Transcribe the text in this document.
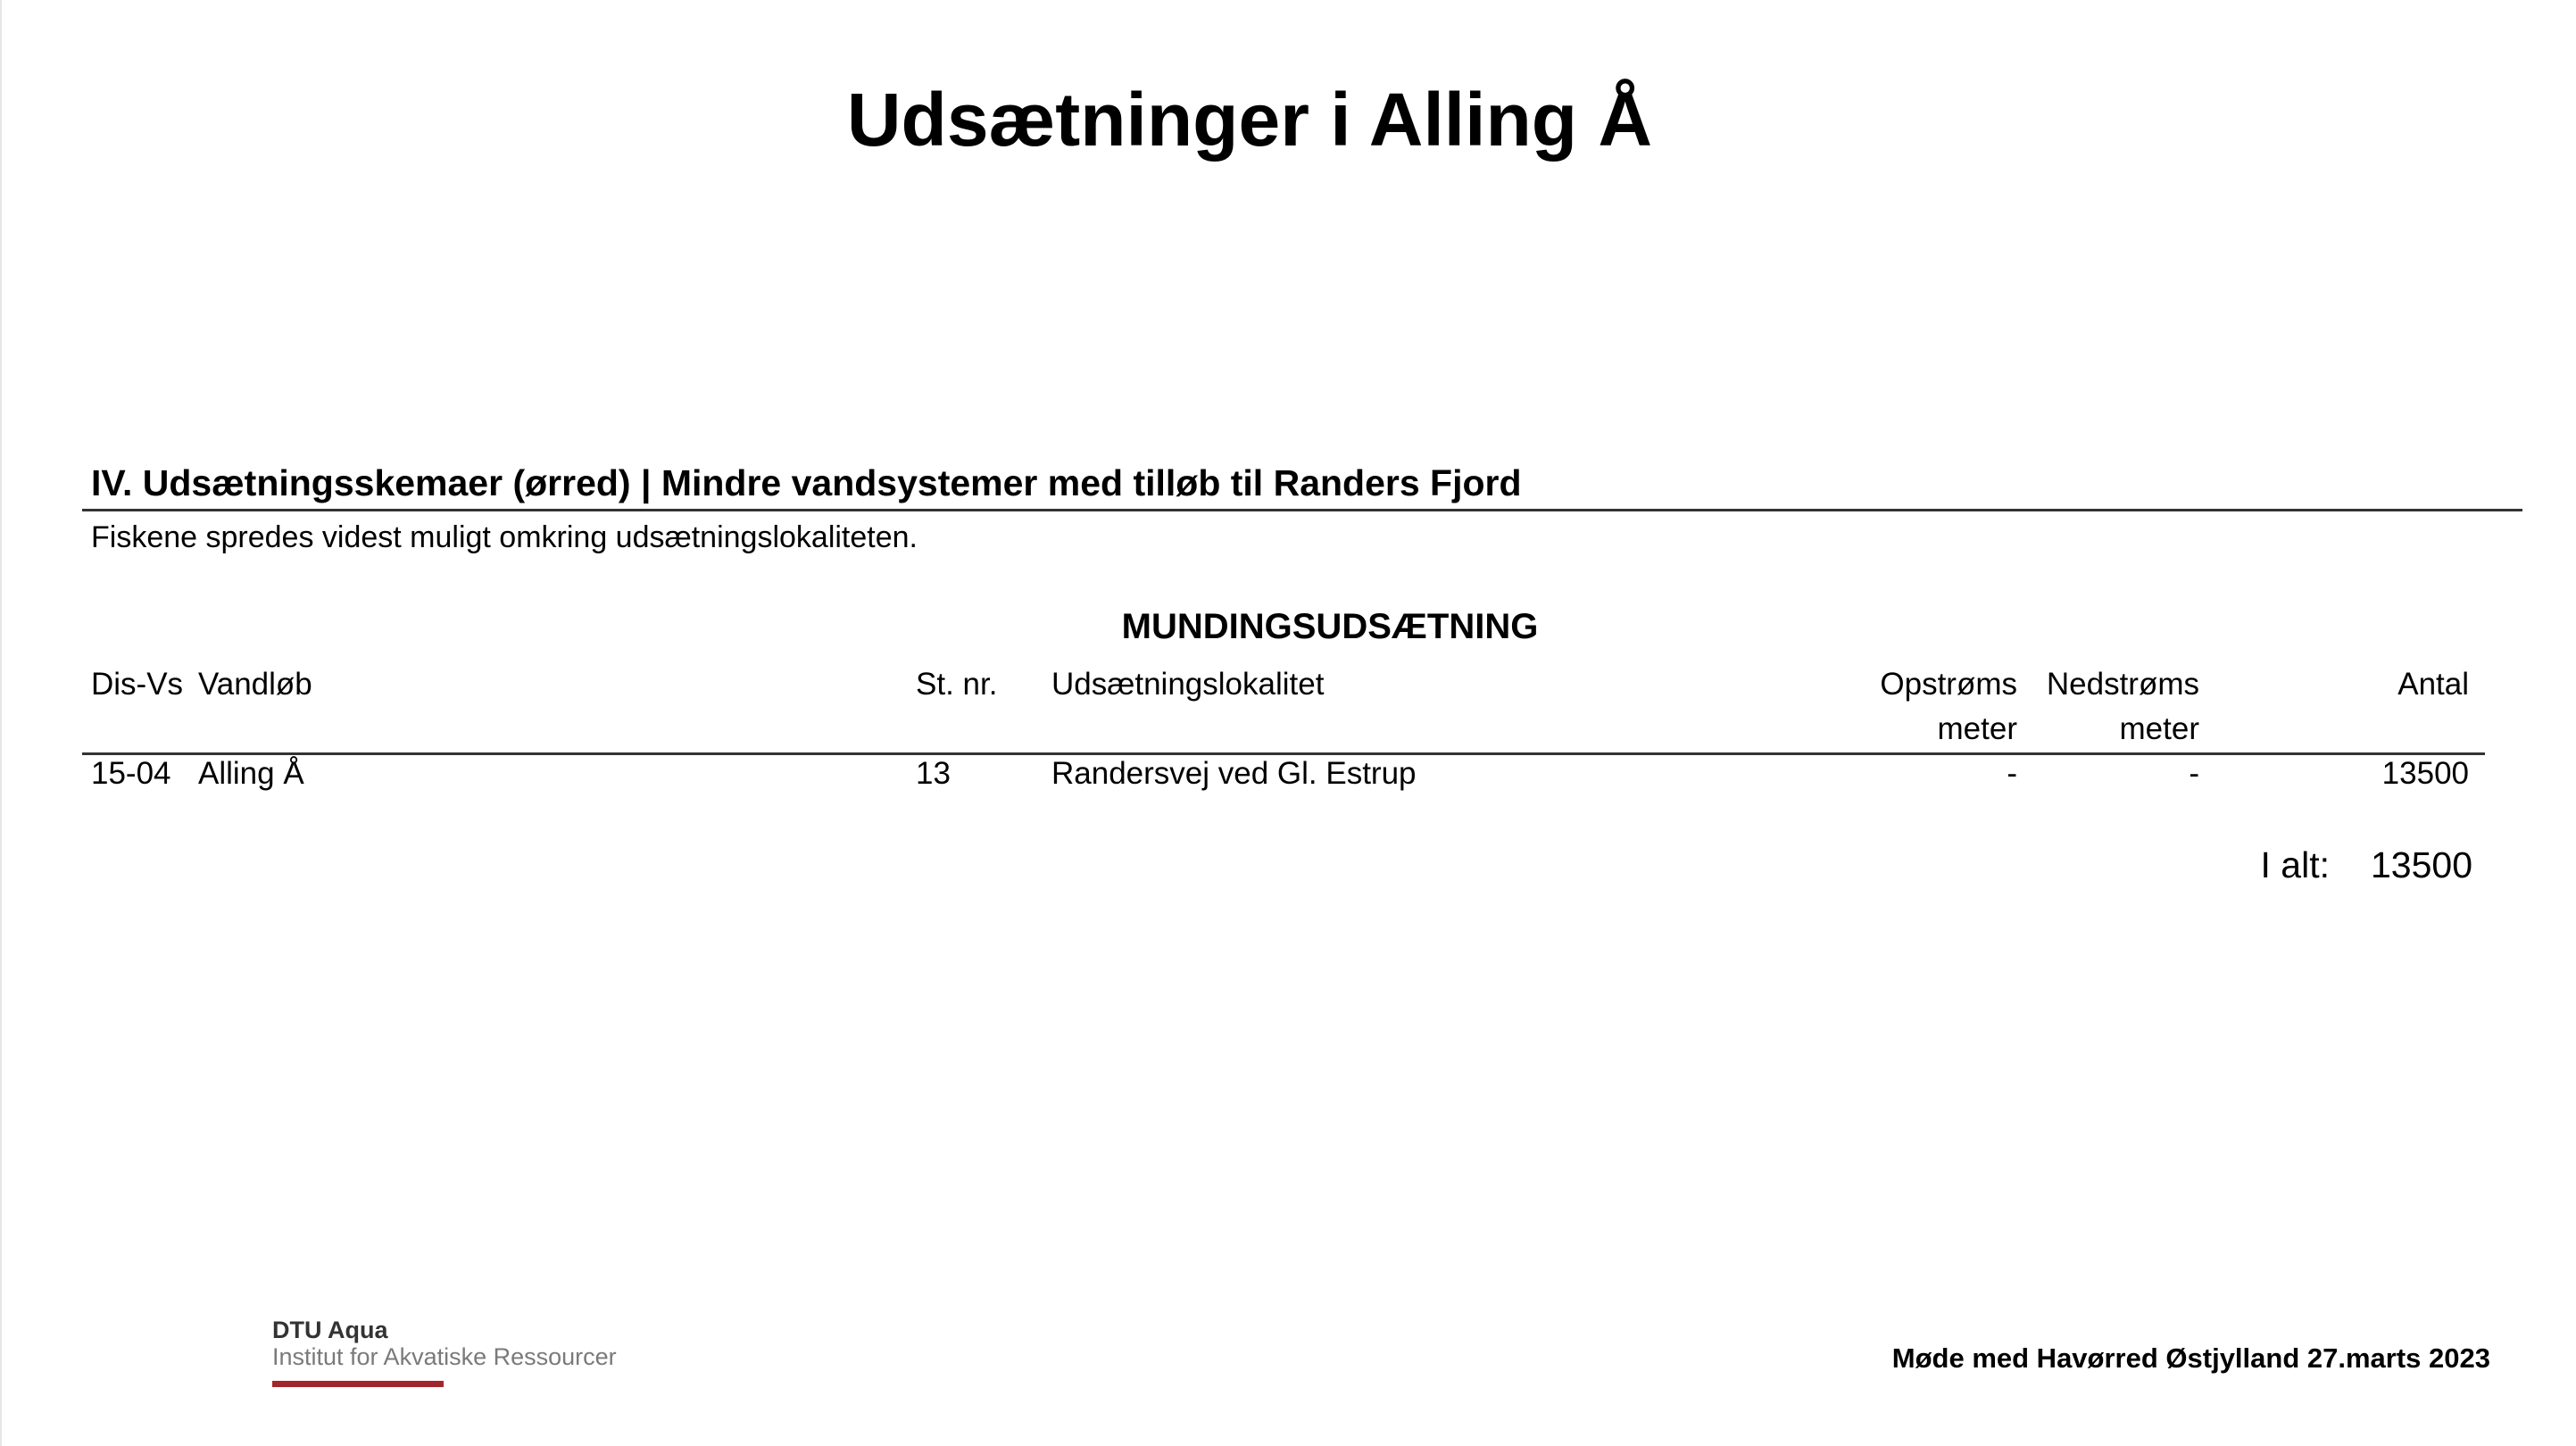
Udsætninger i Alling Å
IV. Udsætningsskemaer (ørred) | Mindre vandsystemer med tilløb til Randers Fjord
Fiskene spredes videst muligt omkring udsætningslokaliteten.
MUNDINGSUDSÆTNING
Dis-Vs Vandløb	St. nr. Udsætningslokalitet	Opstrøms Nedstrøms	Antal
meter	meter
15-04 Alling Å	13	Randersvej ved Gl. Estrup	-	-	13500
I alt:	13500
DTU Aqua
Institut for Akvatiske Ressourcer	Møde med Havørred Østjylland 27.marts 2023
